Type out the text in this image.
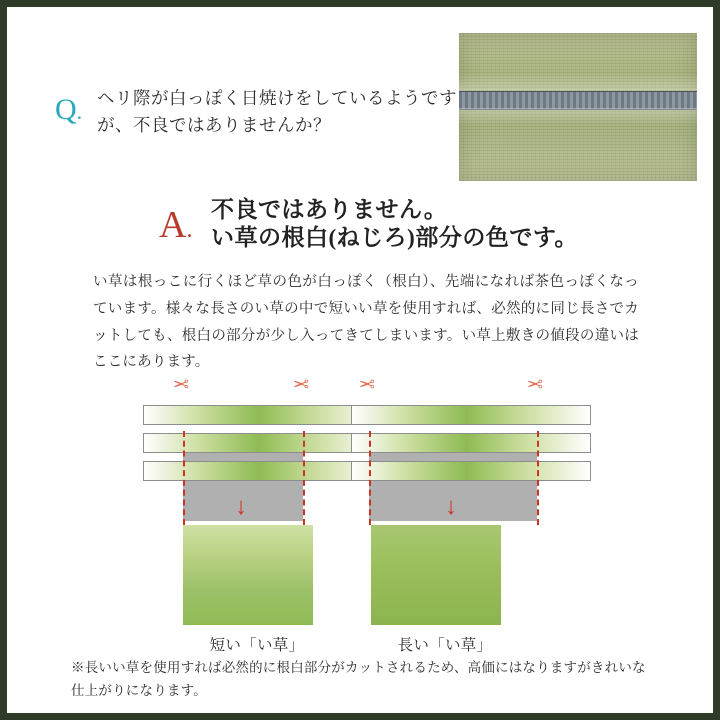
Q.
ヘリ際が白っぽく日焼けをしているようですが、不良ではありませんか？
A.
不良ではありません。
い草の根白(ねじろ)部分の色です。
い草は根っこに行くほど草の色が白っぽく（根白）、先端になれば茶色っぽくなっています。様々な長さのい草の中で短いい草を使用すれば、必然的に同じ長さでカットしても、根白の部分が少し入ってきてしまいます。い草上敷きの値段の違いはここにあります。
✂	✂
↓
短い「い草」
✂	✂
↓
長い「い草」
※長いい草を使用すれば必然的に根白部分がカットされるため、高価にはなりますがきれいな仕上がりになります。
